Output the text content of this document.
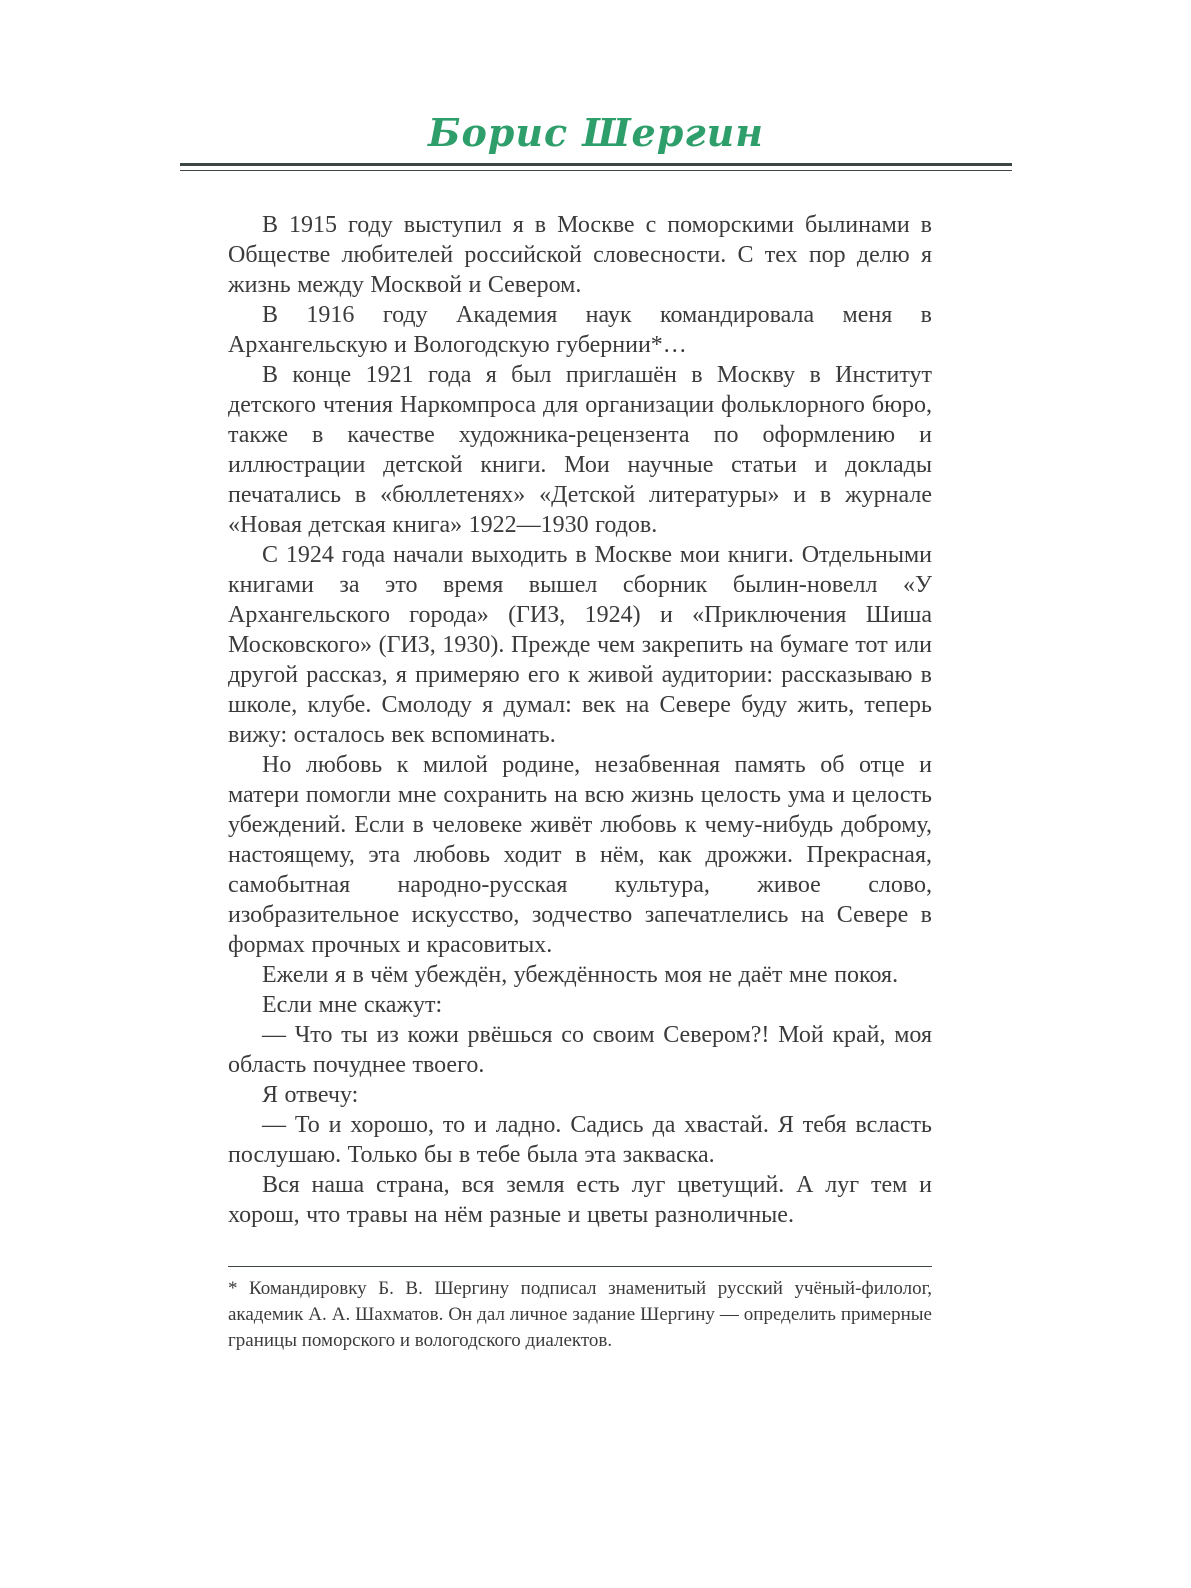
Борис Шергин

В 1915 году выступил я в Москве с поморскими былинами в Обществе любителей российской словесности. С тех пор делю я жизнь между Москвой и Севером.

В 1916 году Академия наук командировала меня в Архангельскую и Вологодскую губернии*…

В конце 1921 года я был приглашён в Москву в Институт детского чтения Наркомпроса для организации фольклорного бюро, также в качестве художника-рецензента по оформлению и иллюстрации детской книги. Мои научные статьи и доклады печатались в «бюллетенях» «Детской литературы» и в журнале «Новая детская книга» 1922—1930 годов.

С 1924 года начали выходить в Москве мои книги. Отдельными книгами за это время вышел сборник былин-новелл «У Архангельского города» (ГИЗ, 1924) и «Приключения Шиша Московского» (ГИЗ, 1930). Прежде чем закрепить на бумаге тот или другой рассказ, я примеряю его к живой аудитории: рассказываю в школе, клубе. Смолоду я думал: век на Севере буду жить, теперь вижу: осталось век вспоминать.

Но любовь к милой родине, незабвенная память об отце и матери помогли мне сохранить на всю жизнь целость ума и целость убеждений. Если в человеке живёт любовь к чему-нибудь доброму, настоящему, эта любовь ходит в нём, как дрожжи. Прекрасная, самобытная народно-русская культура, живое слово, изобразительное искусство, зодчество запечатлелись на Севере в формах прочных и красовитых.

Ежели я в чём убеждён, убеждённость моя не даёт мне покоя.

Если мне скажут:

— Что ты из кожи рвёшься со своим Севером?! Мой край, моя область почуднее твоего.

Я отвечу:

— То и хорошо, то и ладно. Садись да хвастай. Я тебя всласть послушаю. Только бы в тебе была эта закваска.

Вся наша страна, вся земля есть луг цветущий. А луг тем и хорош, что травы на нём разные и цветы разноличные.

* Командировку Б. В. Шергину подписал знаменитый русский учёный-филолог, академик А. А. Шахматов. Он дал личное задание Шергину — определить примерные границы поморского и вологодского диалектов.
